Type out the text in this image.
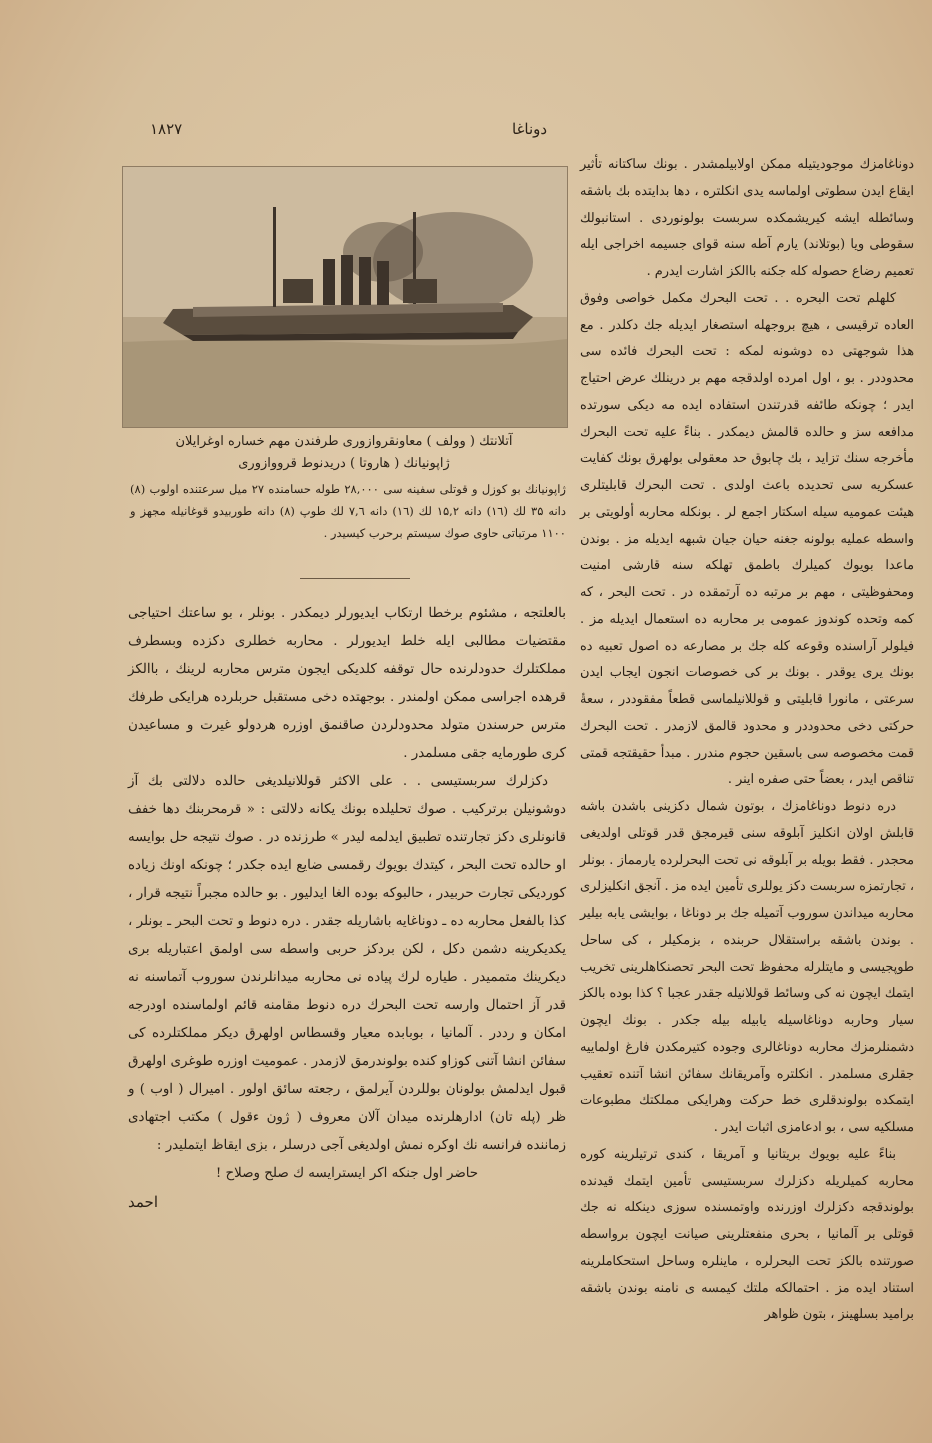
۱۸۲۷	دوناغا
آتلانتك ( وولف ) معاونقروازورى طرفندن مهم خساره اوغرايلان
ژاپونيانك ( هاروتا ) دريدنوط قرووازورى

ژاپونيانك بو كوزل و قوتلى سفينه سى ۲۸,۰۰۰ طوله حسامنده ۲۷ ميل سرعتنده اولوب (۸) دانه ۳۵ لك (۱٦) دانه ۱۵,۲ لك (۱٦) دانه ۷,٦ لك طوپ (۸) دانه طوربيدو قوغانيله مجهز و ۱۱۰۰ مرتباتى حاوى صوك سيستم برحرب كيسيدر .

دوناغامزك موجوديتيله ممكن اولابيلمشدر . بونك ساكتانه تأثير ايقاع ايدن سطوتى اولماسه يدى انكلتره ، دها بدايتده بك باشقه وسائطله ايشه كيريشمكده سربست بولونوردى . استانبولك سقوطى ويا (بوتلاند) يارم آطه سنه قواى جسيمه اخراجى ايله تعميم رضاع حصوله كله جكنه باالكز اشارت ايدرم .

كلهلم تحت البحره . . تحت البحرك مكمل خواصى وفوق العاده ترقيسى ، هيچ بروجهله استصغار ايديله جك دكلدر . مع هذا شوجهتى ده دوشونه لمكه : تحت البحرك فائده سى محدوددر . بو ، اول امرده اولدقجه مهم بر درينلك عرض احتياج ايدر ؛ چونكه طائفه قدرتندن استفاده ايده مه ديكى سورتده مدافعه سز و حالده قالمش دیمکدر . بناءً عليه تحت البحرك مأخرجه سنك تزايد ، بك چابوق حد معقولى بولهرق بونك كفايت عسكريه سى تحديده باعث اولدى . تحت البحرك قابليتلرى هيئت عموميه سيله اسكتار اجمع لر . بونكله محاربه أولويتى بر واسطه عمليه بولونه جغنه حيان جيان شبهه ايديله مز . بوندن ماعدا بويوك كميلرك باطمق تهلكه سنه قارشى امنيت ومحفوظيتى ، مهم بر مرتبه ده آرتمقده در . تحت البحر ، كه كمه وتحده كوندوز عمومى بر محاربه ده استعمال ايديله مز . فيلولر آراسنده وقوعه كله جك بر مصارعه ده اصول تعبيه ده بونك يرى يوقدر . بونك بر كى خصوصات انجون ايجاب ايدن سرعتى ، مانورا قابليتى و قوللانيلماسى قطعاً مفقوددر ، سعةٔ حركتى دخى محدوددر و محدود قالمق لازمدر . تحت البحرك قمت مخصوصه سى باسقين حجوم مندرر . مبدأ حقيقتجه قمتى تناقص ايدر ، بعضاً حتى صفره اينر .

دره دنوط دوناغامزك ، بوتون شمال دكزينى باشدن باشه قابلش اولان انكليز آبلوقه سنى قيرمجق قدر قوتلى اولديغى محجدر . فقط بويله بر آبلوقه نى تحت البحرلرده يارمماز . بونلر ، تجارتمزه سربست دكز يوللرى تأمين ايده مز . آنجق انكليزلرى محاربه ميداندن سوروب آتميله جك بر دوناغا ، بوايشى يابه بيلير . بوندن باشقه براستقلال حربنده ، بزمكيلر ، كى ساحل طوپجيسى و مايتلرله محفوظ تحت البحر تحصنكاهلرينى تخريب ايتمك ايچون نه كى وسائط قوللانيله جقدر عجبا ؟ كذا بوده بالكز سيار وحاربه دوناغاسيله يابيله بيله جكدر . بونك ايچون دشمنلرمزك محاربه دوناغالرى وجوده كتيرمكدن فارغ اولماييه جقلرى مسلمدر . انكلتره وآمريقانك سفائن انشا آتنده تعقيب ايتمكده بولوندقلرى خط حركت وهرايكى مملكتك مطبوعات مسلكيه سى ، بو ادعامزى اثبات ايدر .

بناءً عليه بويوك بريتانيا و آمريقا ، كندى ترتيلرينه كوره محاربه كميلريله دكزلرك سربستيسى تأمين ايتمك قيدنده بولوندقجه دكزلرك اوزرنده واوتمسنده سوزى دينكله نه جك قوتلى بر آلمانيا ، بحرى منفعتلرينى صيانت ايچون برواسطه صورتنده بالكز تحت البحرلره ، ماينلره وساحل استحكاملرينه استناد ايده مز . احتمالكه ملتك كيمسه ى نامنه بوندن باشقه برامید بسلهينز ، بتون ظواهر

بالعلتجه ، مشئوم برخطا ارتكاب ايديورلر ديمكدر . بونلر ، بو ساعتك احتياجى مقتضيات مطالبى ايله خلط ايديورلر . محاربه خطلرى دكزده وبسطرف مملكتلرك حدودلرنده حال توقفه كلديكى ايجون مترس محاربه لرينك ، باالكز قرهده اجراسى ممكن اولمندر . بوجهتده دخى مستقبل حربلرده هرايكى طرفك مترس حرسندن متولد محدودلردن صاقنمق اوزره هردولو غيرت و مساعيدن كرى طورمايه جقى مسلمدر .

دكزلرك سربستيسى . . على الاكثر قوللانيلديغى حالده دلالتى بك آز دوشونيلن برتركيب . صوك تحليلده بونك يكانه دلالتى : « قرمحربنك دها خفف قانونلرى دكز تجارتنده تطبيق ايدلمه ليدر » طرزنده در . صوك نتيجه حل بوايسه او حالده تحت البحر ، كيتدك بويوك رقمسى ضايع ايده جكدر ؛ چونكه اونك زياده كورديكى تجارت حربيدر ، حالبوكه بوده الغا ايدليور . بو حالده مجبراً نتيجه قرار ، كذا بالفعل محاربه ده ـ دوناغايه باشاريله جقدر . دره دنوط و تحت البحر ـ بونلر ، يكديكرينه دشمن دكل ، لكن بردكز حربى واسطه سى اولمق اعتباريله برى ديكرينك متممیدر . طياره لرك پياده نى محاربه ميدانلرندن سوروب آتماسنه نه قدر آز احتمال وارسه تحت البحرك دره دنوط مقامنه قائم اولماسنده اودرجه امكان و رددر . آلمانيا ، بوبابده معيار وقسطاس اولهرق ديكر مملكتلرده كى سفائن انشا آتنى كوزاو كنده بولوندرمق لازمدر . عموميت اوزره طوغرى اولهرق قبول ايدلمش بولونان بوللردن آيرلمق ، رجعته سائق اولور . اميرال ( اوب ) و ظر (پله تان) ادارهلرنده ميدان آلان معروف ( ژون ءقول ) مكتب اجتهادى زماننده فرانسه نك اوكره نمش اولديغى آجى درسلر ، بزى ايقاظ ايتمليدر :

حاضر اول جنكه اكر ايسترايسه ك صلح وصلاح !

احمد
